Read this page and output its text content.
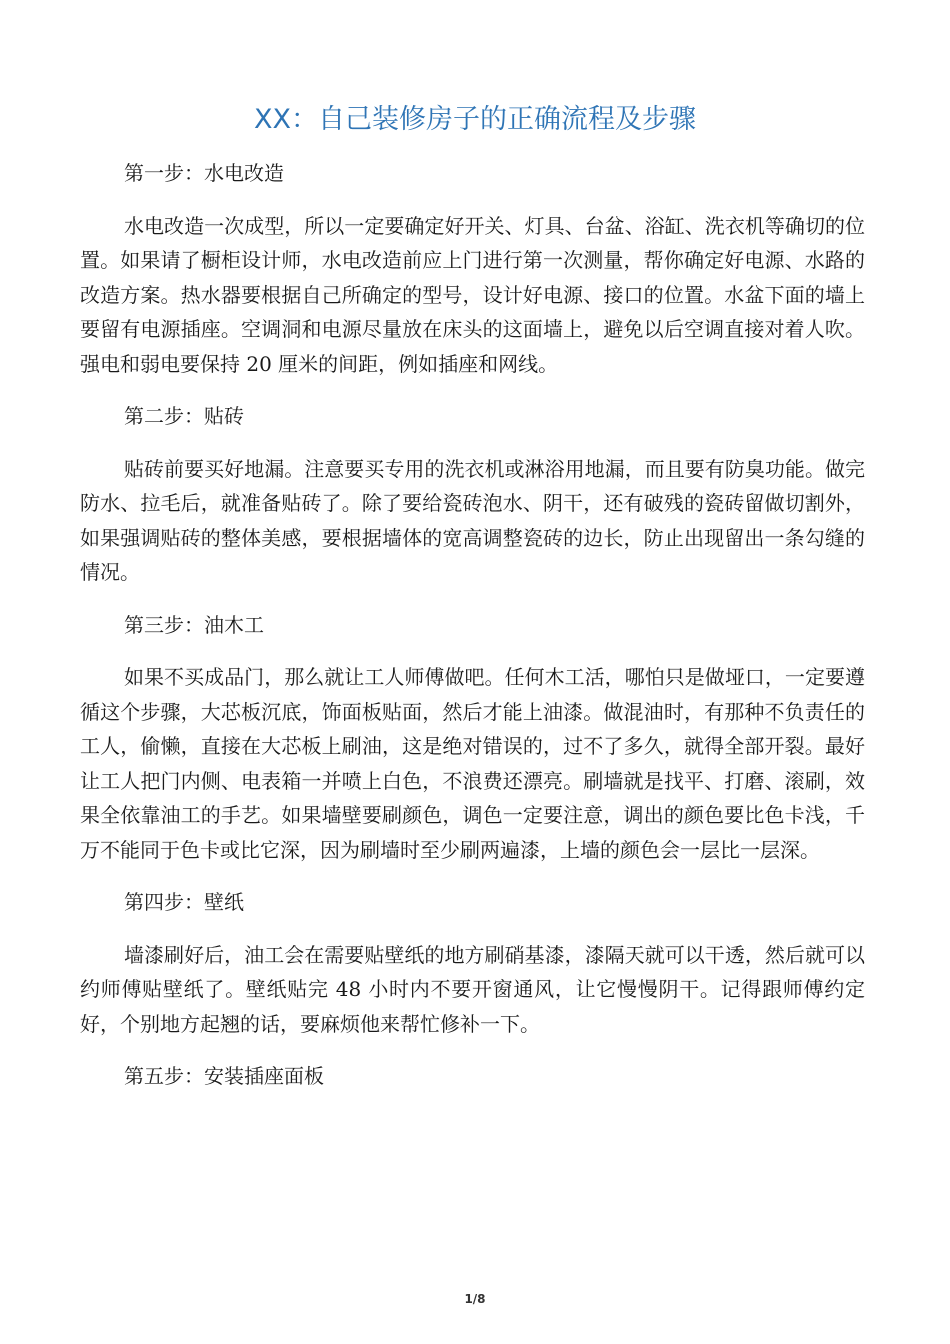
XX：自己装修房子的正确流程及步骤
第一步：水电改造
水电改造一次成型，所以一定要确定好开关、灯具、台盆、浴缸、洗衣机等确切的位置。如果请了橱柜设计师，水电改造前应上门进行第一次测量，帮你确定好电源、水路的改造方案。热水器要根据自己所确定的型号，设计好电源、接口的位置。水盆下面的墙上要留有电源插座。空调洞和电源尽量放在床头的这面墙上，避免以后空调直接对着人吹。强电和弱电要保持 20 厘米的间距，例如插座和网线。
第二步：贴砖
贴砖前要买好地漏。注意要买专用的洗衣机或淋浴用地漏，而且要有防臭功能。做完防水、拉毛后，就准备贴砖了。除了要给瓷砖泡水、阴干，还有破残的瓷砖留做切割外，如果强调贴砖的整体美感，要根据墙体的宽高调整瓷砖的边长，防止出现留出一条勾缝的情况。
第三步：油木工
如果不买成品门，那么就让工人师傅做吧。任何木工活，哪怕只是做垭口，一定要遵循这个步骤，大芯板沉底，饰面板贴面，然后才能上油漆。做混油时，有那种不负责任的工人，偷懒，直接在大芯板上刷油，这是绝对错误的，过不了多久，就得全部开裂。最好让工人把门内侧、电表箱一并喷上白色，不浪费还漂亮。刷墙就是找平、打磨、滚刷，效果全依靠油工的手艺。如果墙壁要刷颜色，调色一定要注意，调出的颜色要比色卡浅，千万不能同于色卡或比它深，因为刷墙时至少刷两遍漆，上墙的颜色会一层比一层深。
第四步：壁纸
墙漆刷好后，油工会在需要贴壁纸的地方刷硝基漆，漆隔天就可以干透，然后就可以约师傅贴壁纸了。壁纸贴完 48 小时内不要开窗通风，让它慢慢阴干。记得跟师傅约定好，个别地方起翘的话，要麻烦他来帮忙修补一下。
第五步：安装插座面板
1/8
